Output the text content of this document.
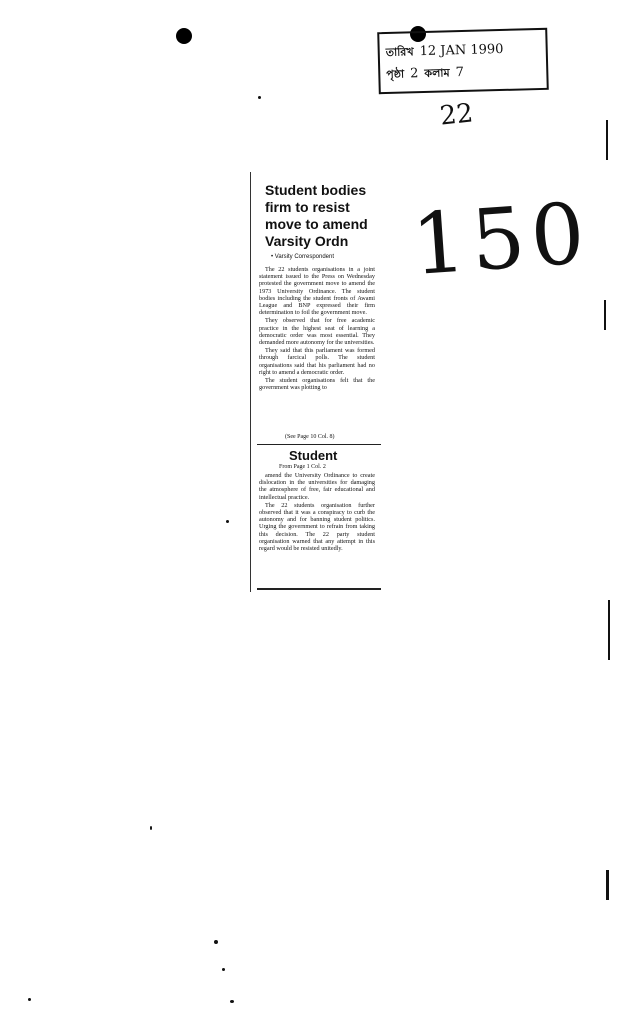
তারিখ 12 JAN 1990
পৃষ্ঠা 2 কলাম 7
22
150
Student bodies firm to resist move to amend Varsity Ordn
• Varsity Correspondent

The 22 students organisations in a joint statement issued to the Press on Wednesday protested the government move to amend the 1973 University Ordinance. The student bodies including the student fronts of Awami League and BNP expressed their firm determination to foil the government move.

They observed that for free academic practice in the highest seat of learning a democratic order was most essential. They demanded more autonomy for the universities.

They said that this parliament was formed through farcical polls. The student organisations said that his parliament had no right to amend a democratic order.

The student organisations felt that the government was plotting to

(See Page 10 Col. 8)
Student
From Page 1 Col. 2

amend the University Ordinance to create dislocation in the universities for damaging the atmosphere of free, fair educational and intellectual practice.

The 22 students organisation further observed that it was a conspiracy to curb the autonomy and for banning student politics. Urging the government to refrain from taking this decision. The 22 party student organisation warned that any attempt in this regard would be resisted unitedly.
